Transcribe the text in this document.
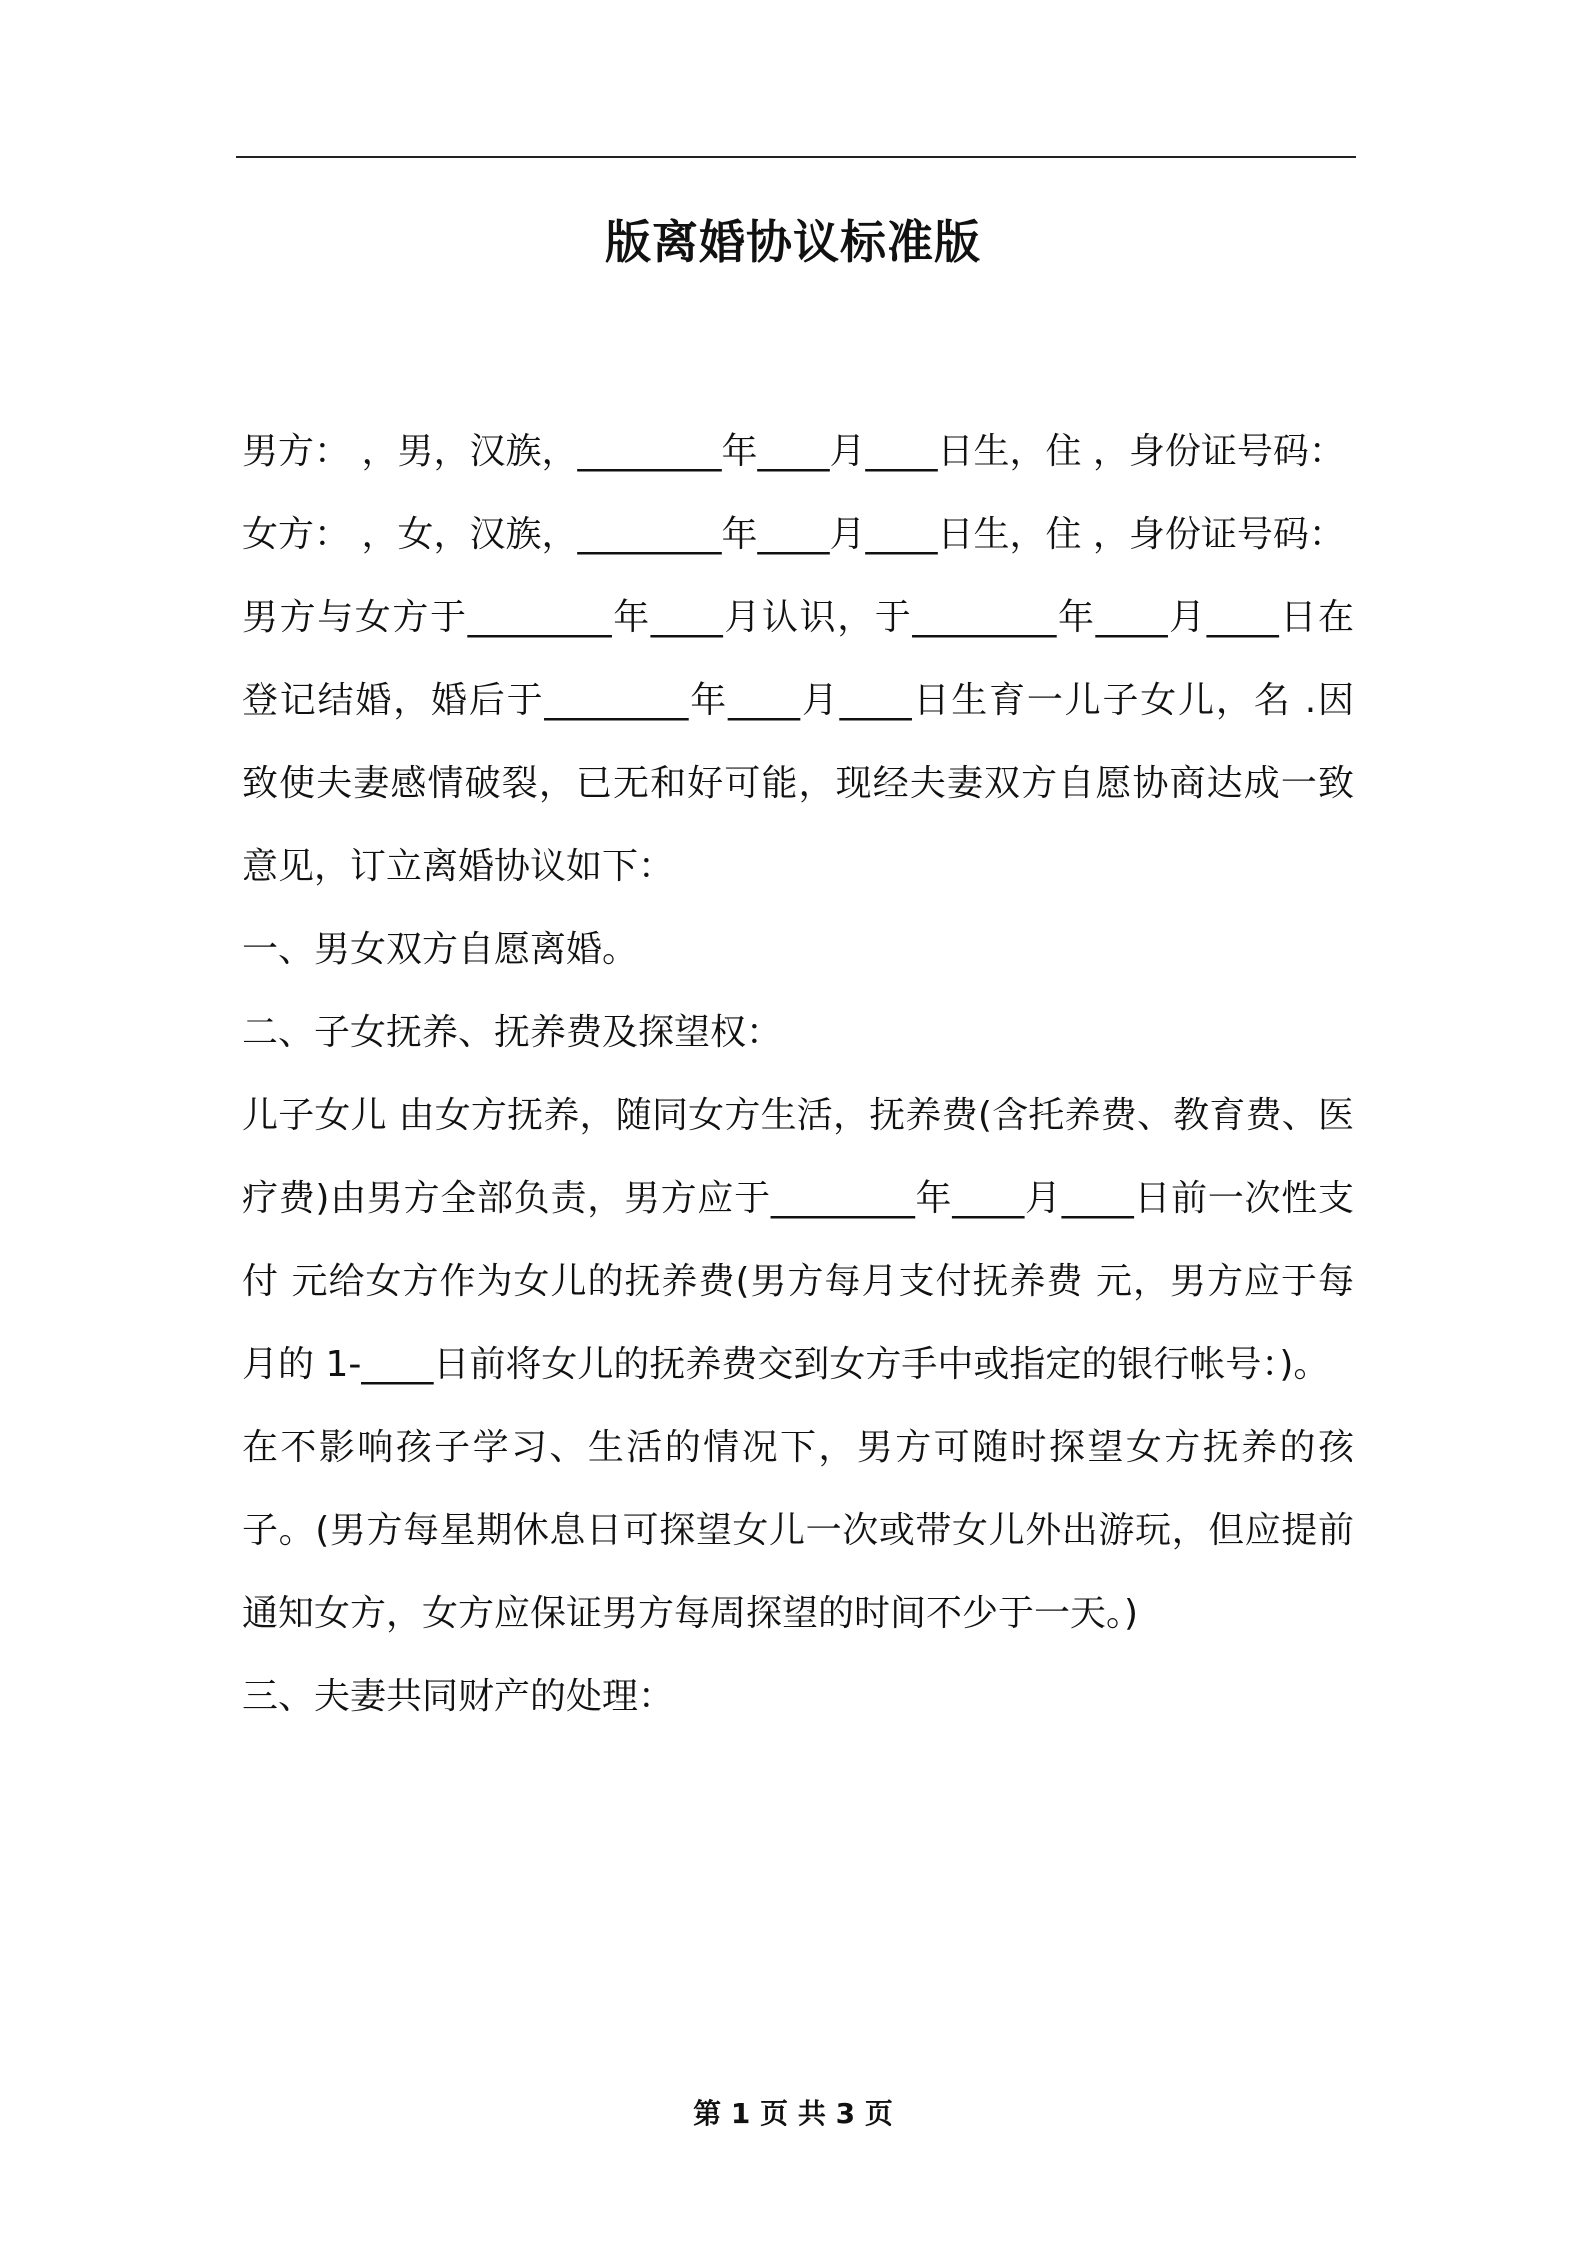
版离婚协议标准版

男方： ，男，汉族，________年____月____日生，住 ，身份证号码：

女方： ，女，汉族，________年____月____日生，住 ，身份证号码：

男方与女方于________年____月认识，于________年____月____日在 登记结婚，婚后于________年____月____日生育一儿子女儿，名 .因 致使夫妻感情破裂，已无和好可能，现经夫妻双方自愿协商达成一致意见，订立离婚协议如下：

一、男女双方自愿离婚。

二、子女抚养、抚养费及探望权：

儿子女儿 由女方抚养，随同女方生活，抚养费(含托养费、教育费、医疗费)由男方全部负责，男方应于________年____月____日前一次性支付 元给女方作为女儿的抚养费(男方每月支付抚养费 元，男方应于每月的 1-____日前将女儿的抚养费交到女方手中或指定的银行帐号：)。

在不影响孩子学习、生活的情况下，男方可随时探望女方抚养的孩子。(男方每星期休息日可探望女儿一次或带女儿外出游玩，但应提前通知女方，女方应保证男方每周探望的时间不少于一天。)

三、夫妻共同财产的处理：

第 1 页 共 3 页
